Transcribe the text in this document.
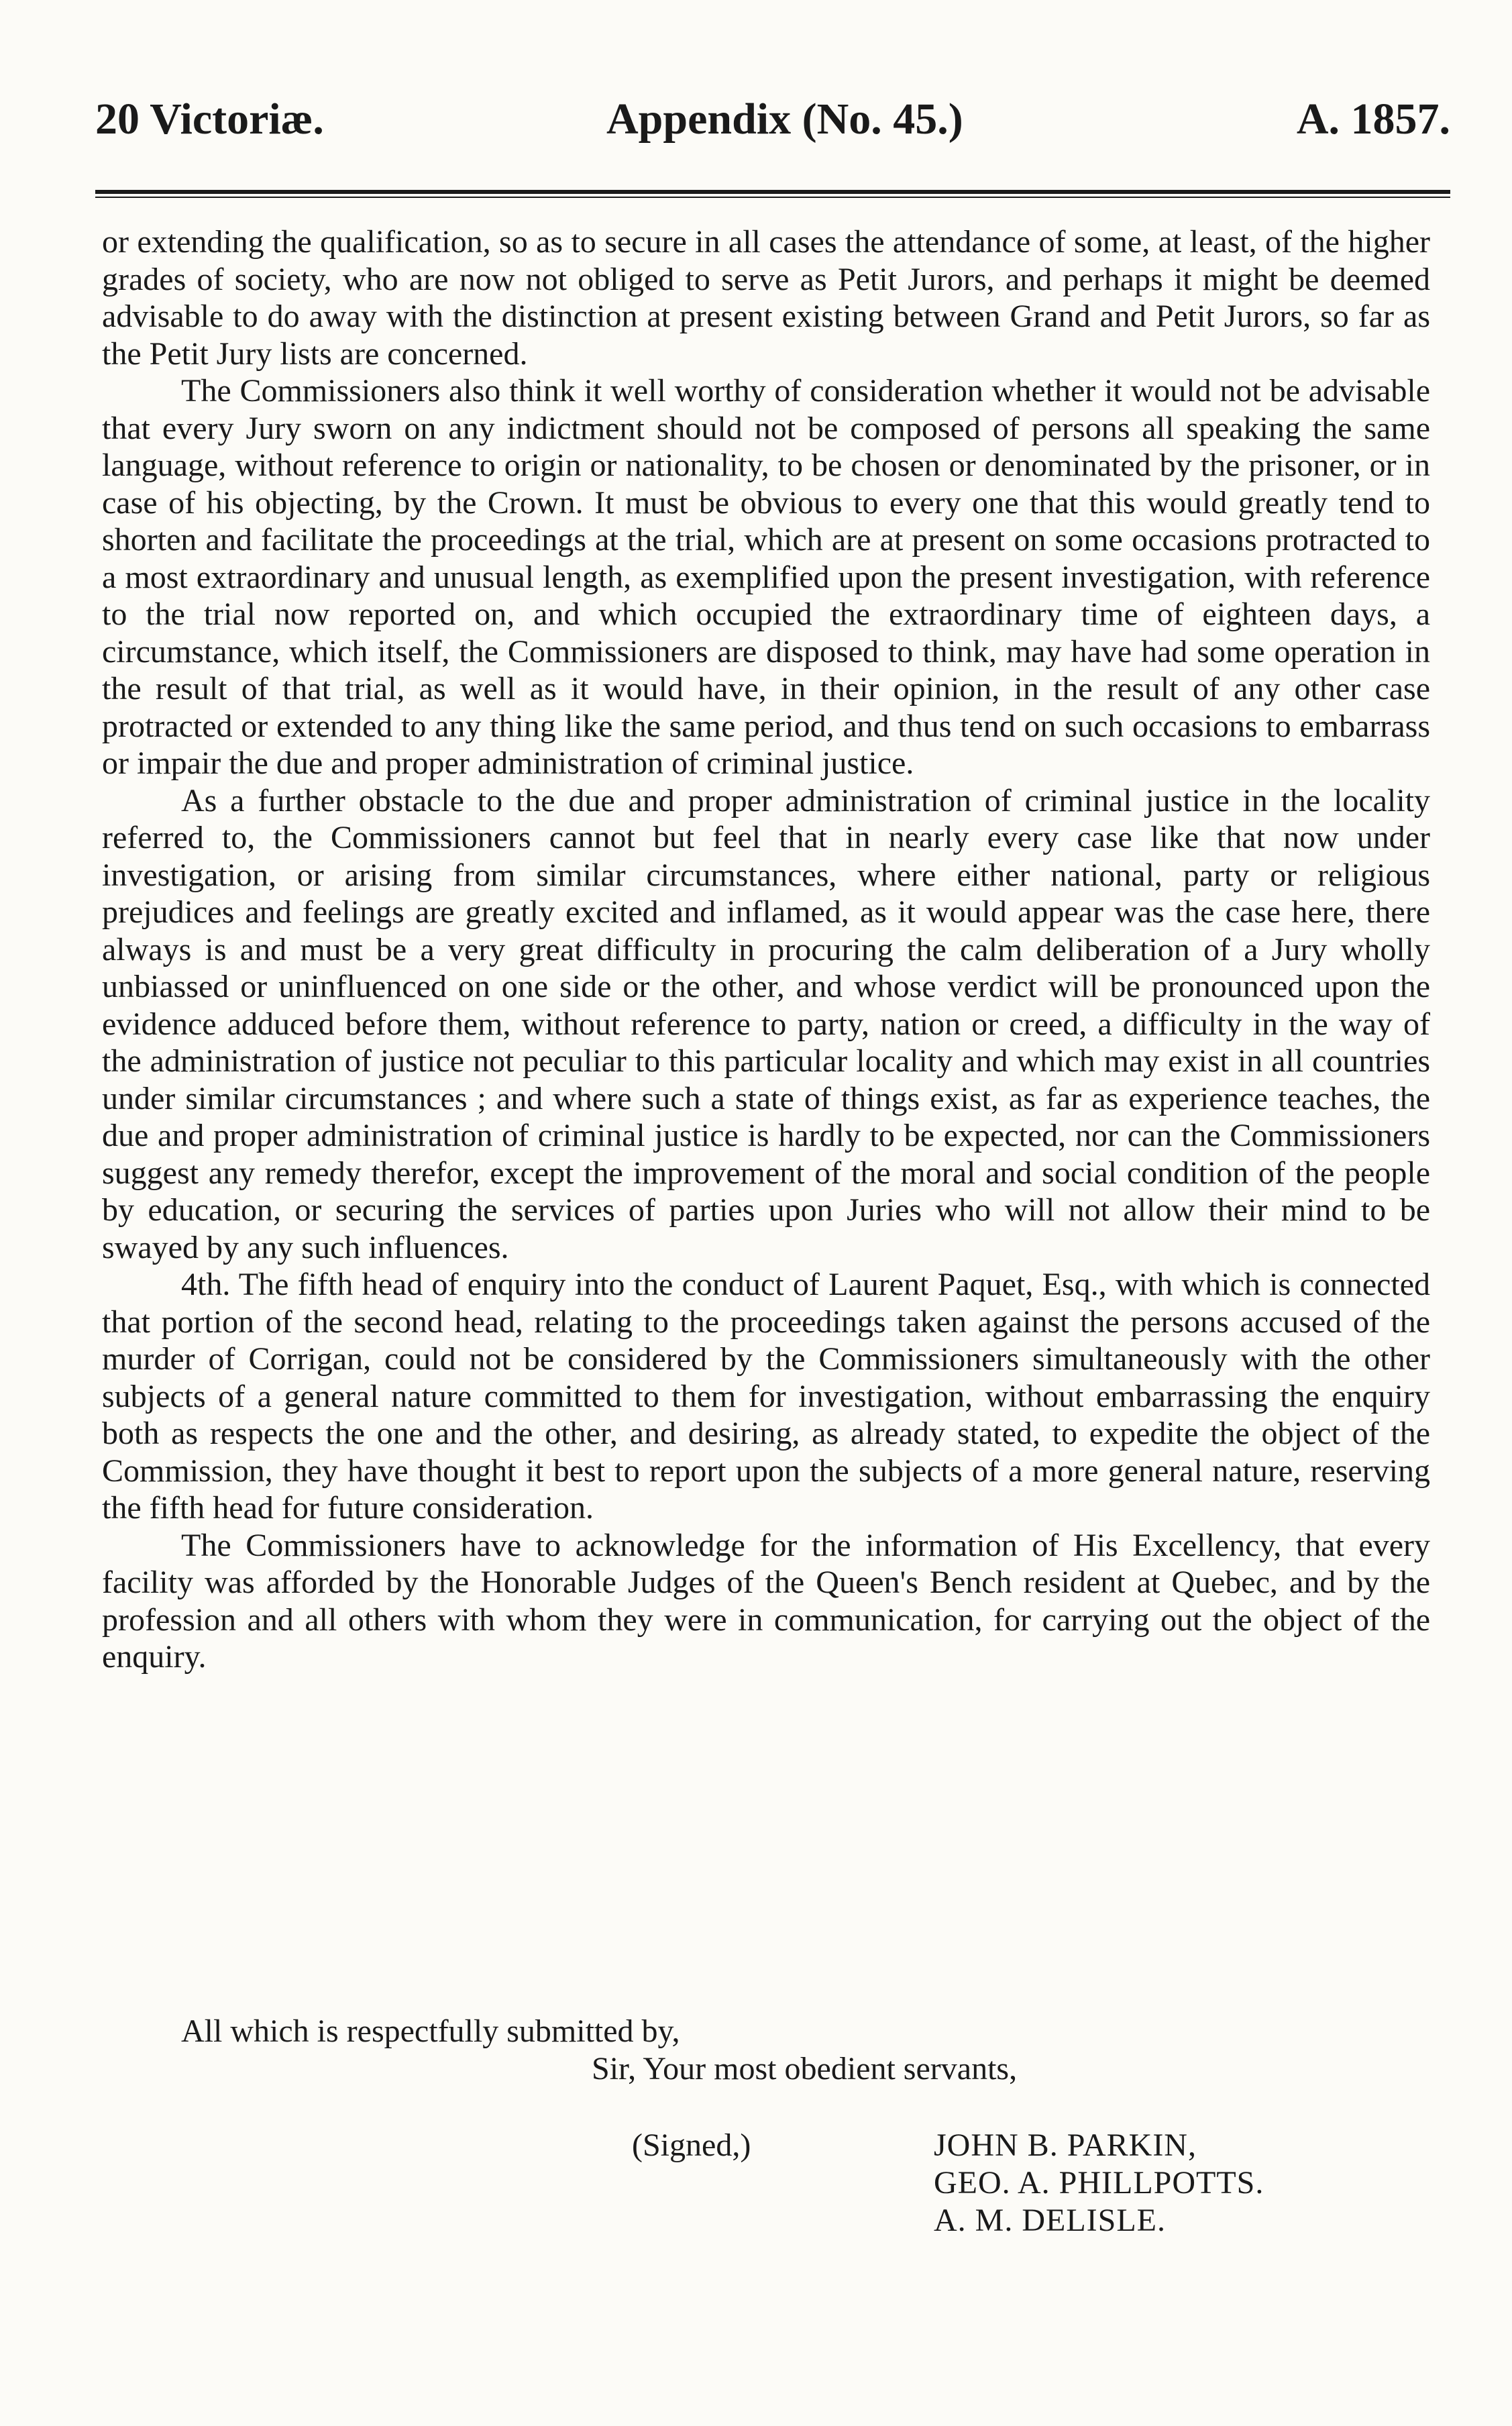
20 Victoriæ.	Appendix (No. 45.)	A. 1857.

or extending the qualification, so as to secure in all cases the attendance of some, at least, of the higher grades of society, who are now not obliged to serve as Petit Jurors, and perhaps it might be deemed advisable to do away with the distinction at present existing between Grand and Petit Jurors, so far as the Petit Jury lists are concerned.

The Commissioners also think it well worthy of consideration whether it would not be advisable that every Jury sworn on any indictment should not be composed of persons all speaking the same language, without reference to origin or nationality, to be chosen or denominated by the prisoner, or in case of his objecting, by the Crown. It must be obvious to every one that this would greatly tend to shorten and facilitate the proceedings at the trial, which are at present on some occasions protracted to a most extraordinary and unusual length, as exemplified upon the present investigation, with reference to the trial now reported on, and which occupied the extraordinary time of eighteen days, a circumstance, which itself, the Commissioners are disposed to think, may have had some operation in the result of that trial, as well as it would have, in their opinion, in the result of any other case protracted or extended to any thing like the same period, and thus tend on such occasions to embarrass or impair the due and proper administration of criminal justice.

As a further obstacle to the due and proper administration of criminal justice in the locality referred to, the Commissioners cannot but feel that in nearly every case like that now under investigation, or arising from similar circumstances, where either national, party or religious prejudices and feelings are greatly excited and inflamed, as it would appear was the case here, there always is and must be a very great difficulty in procuring the calm deliberation of a Jury wholly unbiassed or uninfluenced on one side or the other, and whose verdict will be pronounced upon the evidence adduced before them, without reference to party, nation or creed, a difficulty in the way of the administration of justice not peculiar to this particular locality and which may exist in all countries under similar circumstances ; and where such a state of things exist, as far as experience teaches, the due and proper administration of criminal justice is hardly to be expected, nor can the Commissioners suggest any remedy therefor, except the improvement of the moral and social condition of the people by education, or securing the services of parties upon Juries who will not allow their mind to be swayed by any such influences.

4th. The fifth head of enquiry into the conduct of Laurent Paquet, Esq., with which is connected that portion of the second head, relating to the proceedings taken against the persons accused of the murder of Corrigan, could not be considered by the Commissioners simultaneously with the other subjects of a general nature committed to them for investigation, without embarrassing the enquiry both as respects the one and the other, and desiring, as already stated, to expedite the object of the Commission, they have thought it best to report upon the subjects of a more general nature, reserving the fifth head for future consideration.

The Commissioners have to acknowledge for the information of His Excellency, that every facility was afforded by the Honorable Judges of the Queen's Bench resident at Quebec, and by the profession and all others with whom they were in communication, for carrying out the object of the enquiry.

All which is respectfully submitted by,
Sir, Your most obedient servants,
(Signed,)	JOHN B. PARKIN,
GEO. A. PHILLPOTTS.
A. M. DELISLE.
